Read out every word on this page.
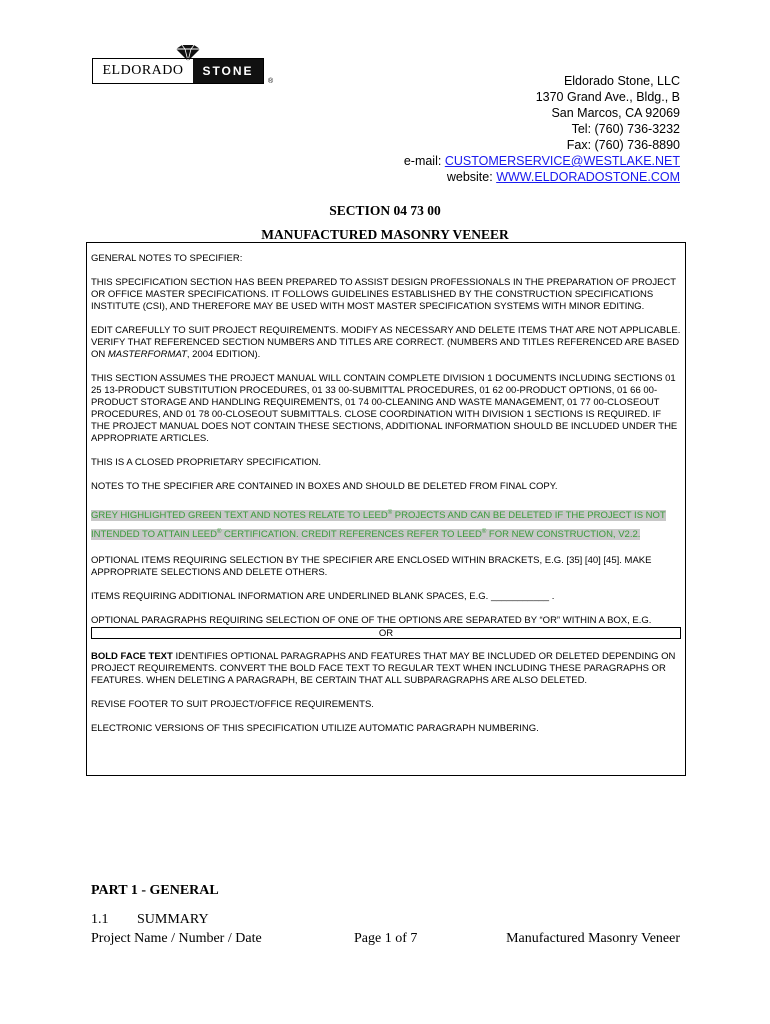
ELDORADO	STONE
®	Eldorado Stone, LLC
1370 Grand Ave., Bldg., B
San Marcos, CA 92069
Tel: (760) 736-3232
Fax: (760) 736-8890
e-mail: CUSTOMERSERVICE@WESTLAKE.NET
website: WWW.ELDORADOSTONE.COM
SECTION 04 73 00
MANUFACTURED MASONRY VENEER

GENERAL NOTES TO SPECIFIER:

THIS SPECIFICATION SECTION HAS BEEN PREPARED TO ASSIST DESIGN PROFESSIONALS IN THE PREPARATION OF PROJECT OR OFFICE MASTER SPECIFICATIONS. IT FOLLOWS GUIDELINES ESTABLISHED BY THE CONSTRUCTION SPECIFICATIONS INSTITUTE (CSI), AND THEREFORE MAY BE USED WITH MOST MASTER SPECIFICATION SYSTEMS WITH MINOR EDITING.

EDIT CAREFULLY TO SUIT PROJECT REQUIREMENTS. MODIFY AS NECESSARY AND DELETE ITEMS THAT ARE NOT APPLICABLE. VERIFY THAT REFERENCED SECTION NUMBERS AND TITLES ARE CORRECT. (NUMBERS AND TITLES REFERENCED ARE BASED ON MASTERFORMAT, 2004 EDITION).

THIS SECTION ASSUMES THE PROJECT MANUAL WILL CONTAIN COMPLETE DIVISION 1 DOCUMENTS INCLUDING SECTIONS 01 25 13-PRODUCT SUBSTITUTION PROCEDURES, 01 33 00-SUBMITTAL PROCEDURES, 01 62 00-PRODUCT OPTIONS, 01 66 00-PRODUCT STORAGE AND HANDLING REQUIREMENTS, 01 74 00-CLEANING AND WASTE MANAGEMENT, 01 77 00-CLOSEOUT PROCEDURES, AND 01 78 00-CLOSEOUT SUBMITTALS. CLOSE COORDINATION WITH DIVISION 1 SECTIONS IS REQUIRED. IF THE PROJECT MANUAL DOES NOT CONTAIN THESE SECTIONS, ADDITIONAL INFORMATION SHOULD BE INCLUDED UNDER THE APPROPRIATE ARTICLES.

THIS IS A CLOSED PROPRIETARY SPECIFICATION.

NOTES TO THE SPECIFIER ARE CONTAINED IN BOXES AND SHOULD BE DELETED FROM FINAL COPY.

GREY HIGHLIGHTED GREEN TEXT AND NOTES RELATE TO LEED® PROJECTS AND CAN BE DELETED IF THE PROJECT IS NOT INTENDED TO ATTAIN LEED® CERTIFICATION. CREDIT REFERENCES REFER TO LEED® FOR NEW CONSTRUCTION, V2.2.

OPTIONAL ITEMS REQUIRING SELECTION BY THE SPECIFIER ARE ENCLOSED WITHIN BRACKETS, E.G. [35] [40] [45]. MAKE APPROPRIATE SELECTIONS AND DELETE OTHERS.

ITEMS REQUIRING ADDITIONAL INFORMATION ARE UNDERLINED BLANK SPACES, E.G. ___________ .

OPTIONAL PARAGRAPHS REQUIRING SELECTION OF ONE OF THE OPTIONS ARE SEPARATED BY “OR” WITHIN A BOX, E.G.

OR

BOLD FACE TEXT IDENTIFIES OPTIONAL PARAGRAPHS AND FEATURES THAT MAY BE INCLUDED OR DELETED DEPENDING ON PROJECT REQUIREMENTS. CONVERT THE BOLD FACE TEXT TO REGULAR TEXT WHEN INCLUDING THESE PARAGRAPHS OR FEATURES. WHEN DELETING A PARAGRAPH, BE CERTAIN THAT ALL SUBPARAGRAPHS ARE ALSO DELETED.

REVISE FOOTER TO SUIT PROJECT/OFFICE REQUIREMENTS.

ELECTRONIC VERSIONS OF THIS SPECIFICATION UTILIZE AUTOMATIC PARAGRAPH NUMBERING.

PART 1 - GENERAL
1.1 SUMMARY
Project Name / Number / Date	Page 1 of 7	Manufactured Masonry Veneer
